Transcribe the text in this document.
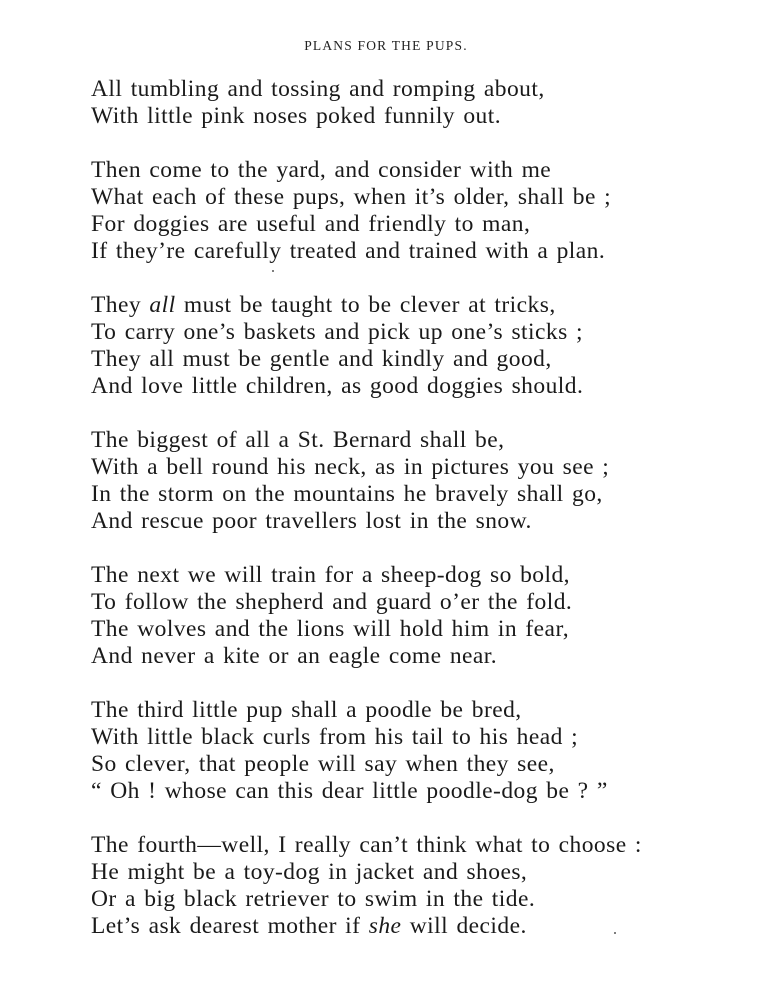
PLANS FOR THE PUPS.
All tumbling and tossing and romping about,
With little pink noses poked funnily out.
Then come to the yard, and consider with me
What each of these pups, when it’s older, shall be ;
For doggies are useful and friendly to man,
If they’re carefully treated and trained with a plan.
They all must be taught to be clever at tricks,
To carry one’s baskets and pick up one’s sticks ;
They all must be gentle and kindly and good,
And love little children, as good doggies should.
The biggest of all a St. Bernard shall be,
With a bell round his neck, as in pictures you see ;
In the storm on the mountains he bravely shall go,
And rescue poor travellers lost in the snow.
The next we will train for a sheep-dog so bold,
To follow the shepherd and guard o’er the fold.
The wolves and the lions will hold him in fear,
And never a kite or an eagle come near.
The third little pup shall a poodle be bred,
With little black curls from his tail to his head ;
So clever, that people will say when they see,
“ Oh ! whose can this dear little poodle-dog be ? ”
The fourth—well, I really can’t think what to choose :
He might be a toy-dog in jacket and shoes,
Or a big black retriever to swim in the tide.
Let’s ask dearest mother if she will decide.
